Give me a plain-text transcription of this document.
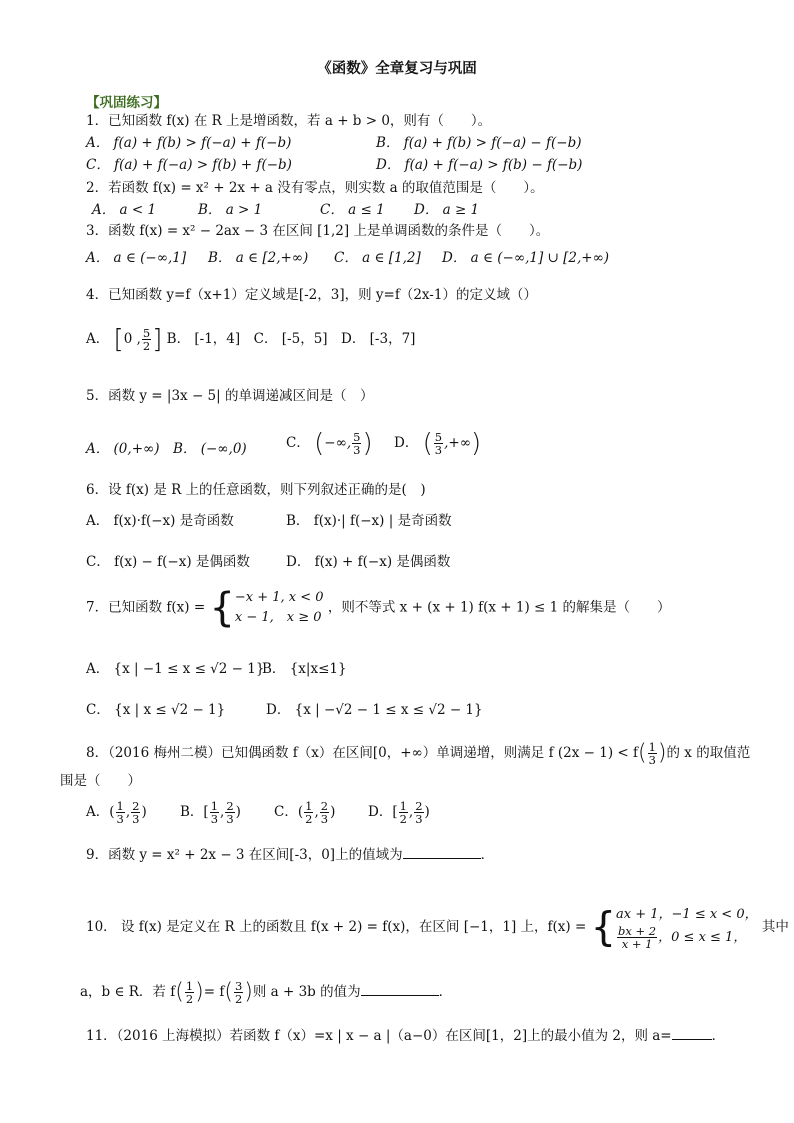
《函数》全章复习与巩固
【巩固练习】
1．已知函数 f(x) 在 R 上是增函数，若 a + b > 0，则有（　　）。
A． f(a) + f(b) > f(−a) + f(−b)	B． f(a) + f(b) > f(−a) − f(−b)
C． f(a) + f(−a) > f(b) + f(−b)	D． f(a) + f(−a) > f(b) − f(−b)
2．若函数 f(x) = x² + 2x + a 没有零点，则实数 a 的取值范围是（　　）。
A． a < 1	B． a > 1	C． a ≤ 1 D． a ≥ 1
3．函数 f(x) = x² − 2ax − 3 在区间 [1,2] 上是单调函数的条件是（　　）。
A． a ∈ (−∞,1] B． a ∈ [2,+∞) C． a ∈ [1,2] D． a ∈ (−∞,1] ∪ [2,+∞)
4．已知函数 y=f（x+1）定义域是[-2，3]，则 y=f（2x-1）的定义域（）
A． [0 , $\frac{5}{2}$ ] B． [-1，4]　C． [-5，5]　D． [-3，7]
5．函数 y = |3x − 5| 的单调递减区间是（　）
A． (0,+∞) B． (−∞,0)	C． (−∞, $\frac{5}{3}$ ) D． ( $\frac{5}{3}$ ,+∞)
6．设 f(x) 是 R 上的任意函数，则下列叙述正确的是(　)
A． f(x)·f(−x) 是奇函数	B． f(x)·| f(−x) | 是奇函数
C． f(x) − f(−x) 是偶函数	D． f(x) + f(−x) 是偶函数
7．已知函数 f(x) = { −x + 1, x < 0
x − 1,　x ≥ 0
，则不等式 x + (x + 1) f(x + 1) ≤ 1 的解集是（　　）
A． {x | −1 ≤ x ≤ √2 − 1}
B． {x|x≤1}
C． {x | x ≤ √2 − 1}	D． {x | −√2 − 1 ≤ x ≤ √2 − 1}
8．（2016 梅州二模）已知偶函数 f（x）在区间[0，+∞）单调递增，则满足 f $(2x - 1) < f( \frac{1}{3}$ )的 x 的取值范
围是（　　）
A．( $\frac{1}{3}$ , $\frac{2}{3}$ ) B．[ $\frac{1}{3}$ , $\frac{2}{3}$ ) C．( $\frac{1}{2}$ , $\frac{2}{3}$ ) D．[ $\frac{1}{2}$ , $\frac{2}{3}$ )
9．函数 y = x² + 2x − 3 在区间[-3，0]上的值域为	．
10． 设 f(x) 是定义在 R 上的函数且 f(x + 2) = f(x)，在区间 [−1，1] 上，f(x) = { ax + 1，−1 ≤ x < 0，
$\frac{bx + 2}{x + 1}$ ，0 ≤ x ≤ 1，
其中
a，b ∈ R．若 $f( \frac{1}{2}$ )= $f( \frac{3}{2}$ )则 a + 3b 的值为	．
11．（2016 上海模拟）若函数 f（x）=x | x − a |（a−0）在区间[1，2]上的最小值为 2，则 a=	．
